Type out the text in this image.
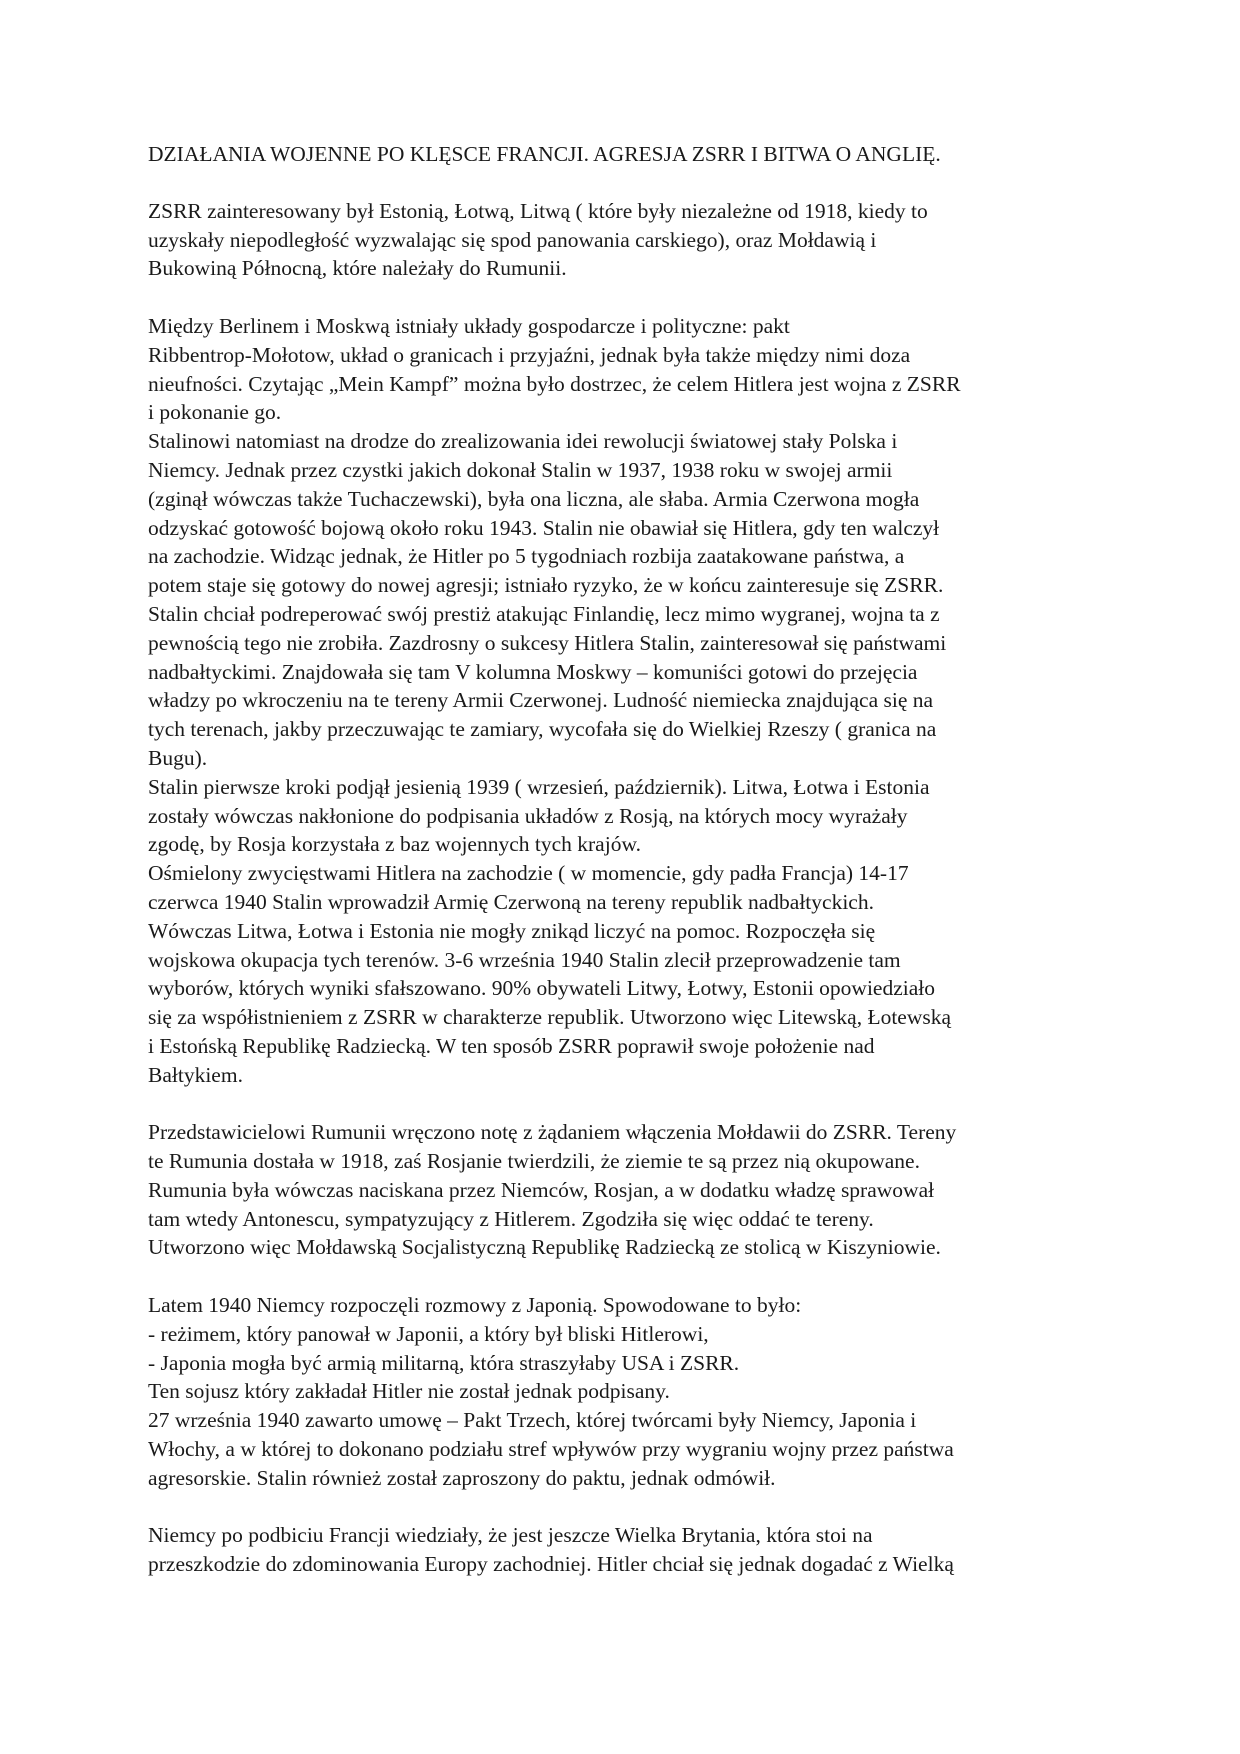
DZIAŁANIA WOJENNE PO KLĘSCE FRANCJI. AGRESJA ZSRR I BITWA O ANGLIĘ.

ZSRR zainteresowany był Estonią, Łotwą, Litwą ( które były niezależne od 1918, kiedy to
uzyskały niepodległość wyzwalając się spod panowania carskiego), oraz Mołdawią i
Bukowiną Północną, które należały do Rumunii.
Między Berlinem i Moskwą istniały układy gospodarcze i polityczne: pakt
Ribbentrop-Mołotow, układ o granicach i przyjaźni, jednak była także między nimi doza
nieufności. Czytając „Mein Kampf” można było dostrzec, że celem Hitlera jest wojna z ZSRR
i pokonanie go.
Stalinowi natomiast na drodze do zrealizowania idei rewolucji światowej stały Polska i
Niemcy. Jednak przez czystki jakich dokonał Stalin w 1937, 1938 roku w swojej armii
(zginął wówczas także Tuchaczewski), była ona liczna, ale słaba. Armia Czerwona mogła
odzyskać gotowość bojową około roku 1943. Stalin nie obawiał się Hitlera, gdy ten walczył
na zachodzie. Widząc jednak, że Hitler po 5 tygodniach rozbija zaatakowane państwa, a
potem staje się gotowy do nowej agresji; istniało ryzyko, że w końcu zainteresuje się ZSRR.
Stalin chciał podreperować swój prestiż atakując Finlandię, lecz mimo wygranej, wojna ta z
pewnością tego nie zrobiła. Zazdrosny o sukcesy Hitlera Stalin, zainteresował się państwami
nadbałtyckimi. Znajdowała się tam V kolumna Moskwy – komuniści gotowi do przejęcia
władzy po wkroczeniu na te tereny Armii Czerwonej. Ludność niemiecka znajdująca się na
tych terenach, jakby przeczuwając te zamiary, wycofała się do Wielkiej Rzeszy ( granica na
Bugu).
Stalin pierwsze kroki podjął jesienią 1939 ( wrzesień, październik). Litwa, Łotwa i Estonia
zostały wówczas nakłonione do podpisania układów z Rosją, na których mocy wyrażały
zgodę, by Rosja korzystała z baz wojennych tych krajów.
Ośmielony zwycięstwami Hitlera na zachodzie ( w momencie, gdy padła Francja) 14-17
czerwca 1940 Stalin wprowadził Armię Czerwoną na tereny republik nadbałtyckich.
Wówczas Litwa, Łotwa i Estonia nie mogły znikąd liczyć na pomoc. Rozpoczęła się
wojskowa okupacja tych terenów. 3-6 września 1940 Stalin zlecił przeprowadzenie tam
wyborów, których wyniki sfałszowano. 90% obywateli Litwy, Łotwy, Estonii opowiedziało
się za współistnieniem z ZSRR w charakterze republik. Utworzono więc Litewską, Łotewską
i Estońską Republikę Radziecką. W ten sposób ZSRR poprawił swoje położenie nad
Bałtykiem.
Przedstawicielowi Rumunii wręczono notę z żądaniem włączenia Mołdawii do ZSRR. Tereny
te Rumunia dostała w 1918, zaś Rosjanie twierdzili, że ziemie te są przez nią okupowane.
Rumunia była wówczas naciskana przez Niemców, Rosjan, a w dodatku władzę sprawował
tam wtedy Antonescu, sympatyzujący z Hitlerem. Zgodziła się więc oddać te tereny.
Utworzono więc Mołdawską Socjalistyczną Republikę Radziecką ze stolicą w Kiszyniowie.
Latem 1940 Niemcy rozpoczęli rozmowy z Japonią. Spowodowane to było:
- reżimem, który panował w Japonii, a który był bliski Hitlerowi,
- Japonia mogła być armią militarną, która straszyłaby USA i ZSRR.
Ten sojusz który zakładał Hitler nie został jednak podpisany.
27 września 1940 zawarto umowę – Pakt Trzech, której twórcami były Niemcy, Japonia i
Włochy, a w której to dokonano podziału stref wpływów przy wygraniu wojny przez państwa
agresorskie. Stalin również został zaproszony do paktu, jednak odmówił.
Niemcy po podbiciu Francji wiedziały, że jest jeszcze Wielka Brytania, która stoi na
przeszkodzie do zdominowania Europy zachodniej. Hitler chciał się jednak dogadać z Wielką
